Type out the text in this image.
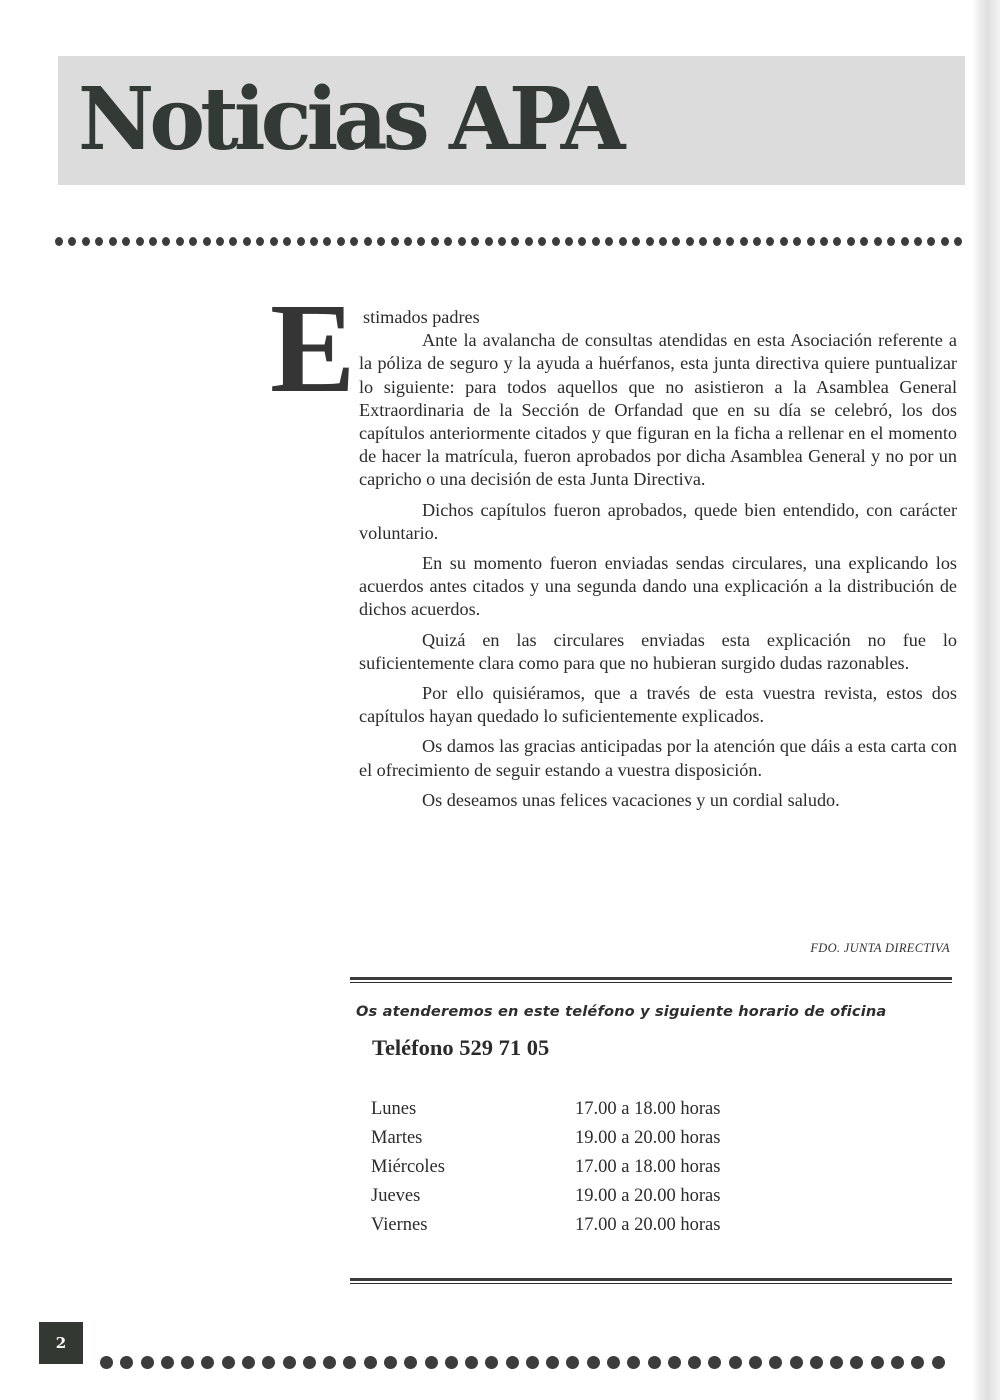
Noticias APA
E stimados padres

Ante la avalancha de consultas atendidas en esta Asociación referente a la póliza de seguro y la ayuda a huérfanos, esta junta directiva quiere puntualizar lo siguiente: para todos aquellos que no asistieron a la Asamblea General Extraordinaria de la Sección de Orfandad que en su día se celebró, los dos capítulos anteriormente citados y que figuran en la ficha a rellenar en el momento de hacer la matrícula, fueron aprobados por dicha Asamblea General y no por un capricho o una decisión de esta Junta Directiva.

Dichos capítulos fueron aprobados, quede bien entendido, con carácter voluntario.

En su momento fueron enviadas sendas circulares, una explicando los acuerdos antes citados y una segunda dando una explicación a la distribución de dichos acuerdos.

Quizá en las circulares enviadas esta explicación no fue lo suficientemente clara como para que no hubieran surgido dudas razonables.

Por ello quisiéramos, que a través de esta vuestra revista, estos dos capítulos hayan quedado lo suficientemente explicados.

Os damos las gracias anticipadas por la atención que dáis a esta carta con el ofrecimiento de seguir estando a vuestra disposición.

Os deseamos unas felices vacaciones y un cordial saludo.

FDO. JUNTA DIRECTIVA
Os atenderemos en este teléfono y siguiente horario de oficina
Teléfono 529 71 05
Lunes	17.00 a 18.00 horas
Martes	19.00 a 20.00 horas
Miércoles	17.00 a 18.00 horas
Jueves	19.00 a 20.00 horas
Viernes	17.00 a 20.00 horas
2
